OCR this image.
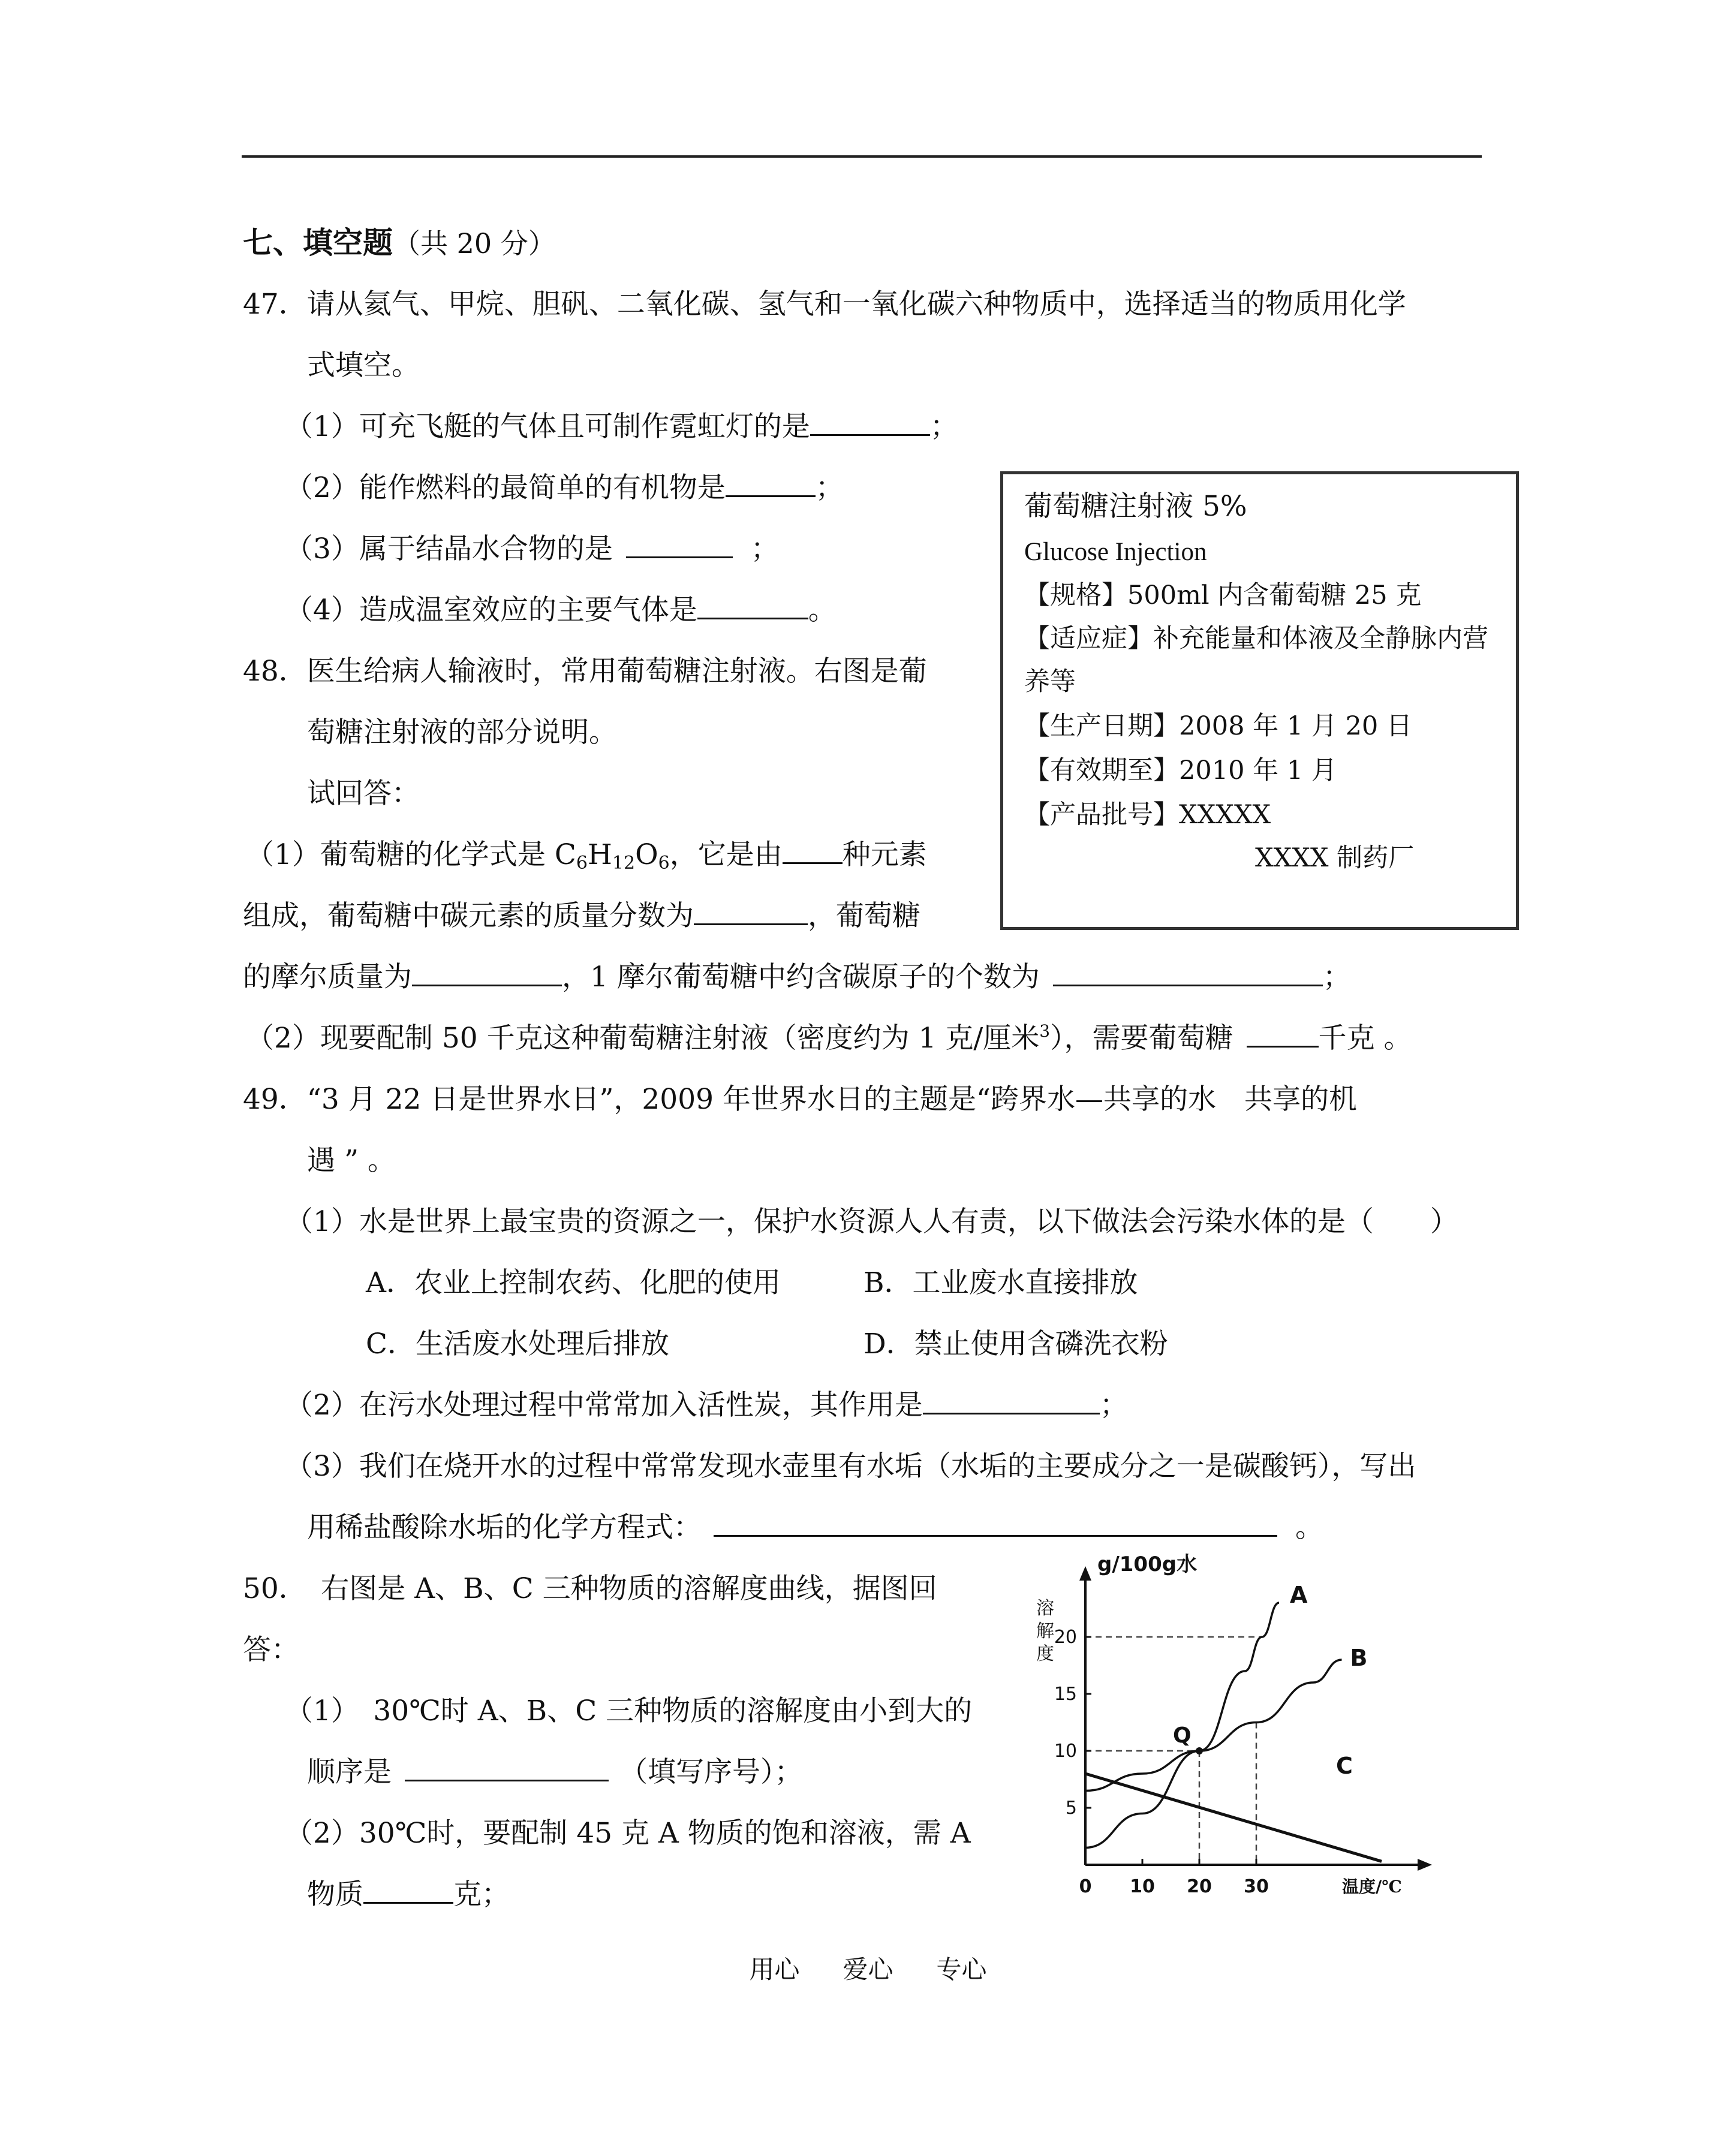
七、填空题（共 20 分）
47．请从氦气、甲烷、胆矾、二氧化碳、氢气和一氧化碳六种物质中，选择适当的物质用化学
式填空。
（1）可充飞艇的气体且可制作霓虹灯的是	；
（2）能作燃料的最简单的有机物是	；
（3）属于结晶水合物的是	；
（4）造成温室效应的主要气体是	。
葡萄糖注射液 5%
Glucose Injection
【规格】500ml 内含葡萄糖 25 克
【适应症】补充能量和体液及全静脉内营
养等
【生产日期】2008 年 1 月 20 日
【有效期至】2010 年 1 月
【产品批号】XXXXX
XXXX 制药厂
48．医生给病人输液时，常用葡萄糖注射液。右图是葡
萄糖注射液的部分说明。
试回答：
（1）葡萄糖的化学式是 $C_6H_{12}O_6$，它是由 种元素
组成，葡萄糖中碳元素的质量分数为	，葡萄糖
的摩尔质量为	，1 摩尔葡萄糖中约含碳原子的个数为	；
（2）现要配制 50 千克这种葡萄糖注射液（密度约为 1 克/厘米$^3$），需要葡萄糖	千克 。
49．“3 月 22 日是世界水日”，2009 年世界水日的主题是“跨界水—共享的水　共享的机
遇 ” 。
（1）水是世界上最宝贵的资源之一，保护水资源人人有责，以下做法会污染水体的是（　　）
A．农业上控制农药、化肥的使用	B．工业废水直接排放
C．生活废水处理后排放	D．禁止使用含磷洗衣粉
（2）在污水处理过程中常常加入活性炭，其作用是	；
（3）我们在烧开水的过程中常常发现水壶里有水垢（水垢的主要成分之一是碳酸钙），写出
用稀盐酸除水垢的化学方程式：	。
50．　右图是 A、B、C 三种物质的溶解度曲线，据图回
答：
（1）　30℃时 A、B、C 三种物质的溶解度由小到大的
顺序是	（填写序号）；
（2）30℃时，要配制 45 克 A 物质的饱和溶液，需 A
物质	克；
A
B
C
Q
0 10 20 30
5
10
15
20
g/100g水
溶解度
温度/℃
用心 爱心 专心
